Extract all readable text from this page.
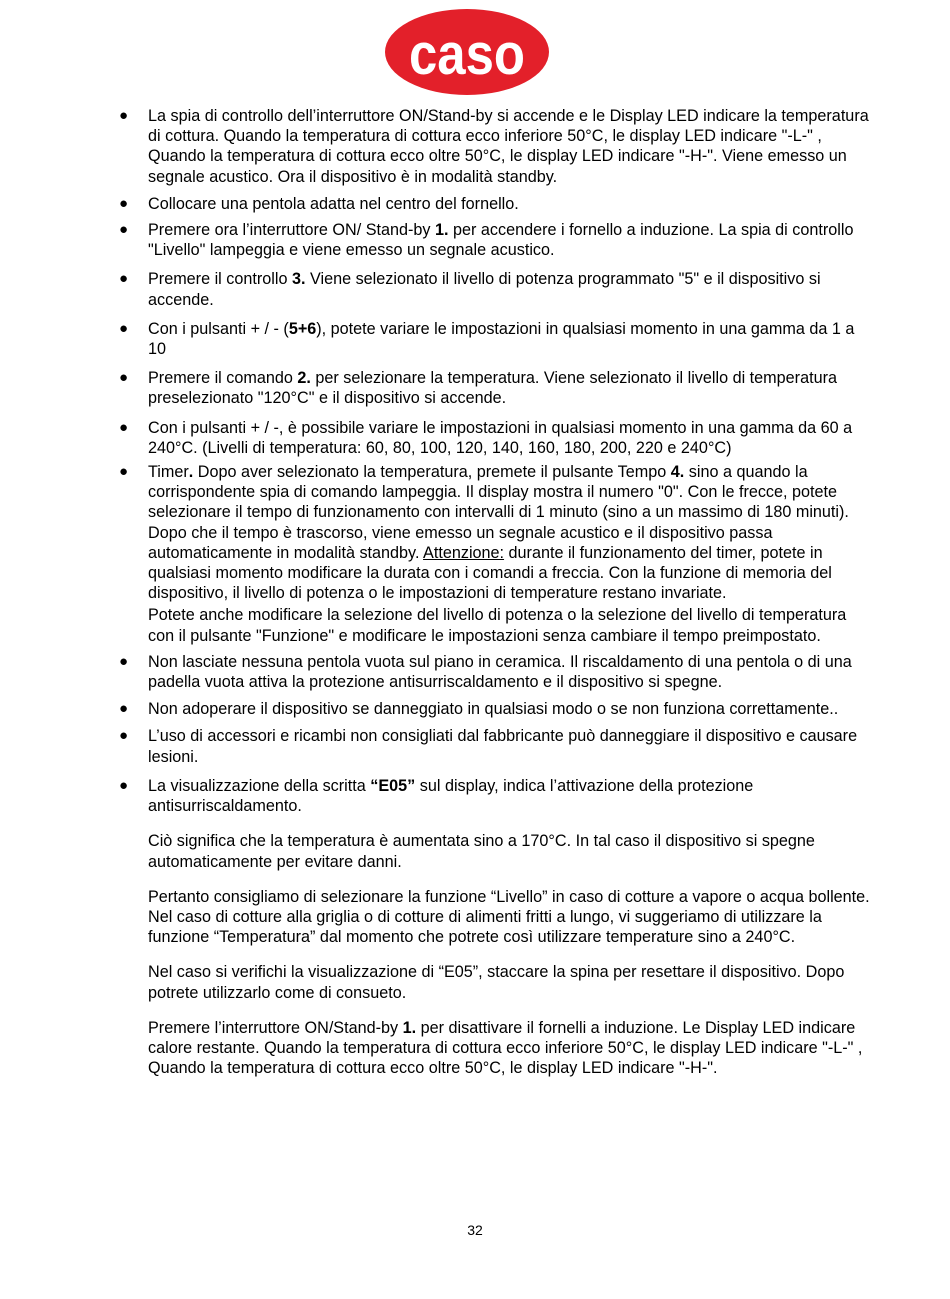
caso

● La spia di controllo dell’interruttore ON/Stand-by si accende e le Display LED indicare la temperatura di cottura. Quando la temperatura di cottura ecco inferiore 50°C, le display LED indicare "-L-" , Quando la temperatura di cottura ecco oltre 50°C, le display LED indicare "-H-". Viene emesso un segnale acustico. Ora il dispositivo è in modalità standby.

● Collocare una pentola adatta nel centro del fornello.

● Premere ora l’interruttore ON/ Stand-by 1. per accendere i fornello a induzione. La spia di controllo "Livello" lampeggia e viene emesso un segnale acustico.

● Premere il controllo 3. Viene selezionato il livello di potenza programmato "5" e il dispositivo si accende.

● Con i pulsanti + / - (5+6), potete variare le impostazioni in qualsiasi momento in una gamma da 1 a 10

● Premere il comando 2. per selezionare la temperatura. Viene selezionato il livello di temperatura preselezionato "120°C" e il dispositivo si accende.

● Con i pulsanti + / -, è possibile variare le impostazioni in qualsiasi momento in una gamma da 60 a 240°C. (Livelli di temperatura: 60, 80, 100, 120, 140, 160, 180, 200, 220 e 240°C)

● Timer. Dopo aver selezionato la temperatura, premete il pulsante Tempo 4. sino a quando la corrispondente spia di comando lampeggia. Il display mostra il numero "0". Con le frecce, potete selezionare il tempo di funzionamento con intervalli di 1 minuto (sino a un massimo di 180 minuti). Dopo che il tempo è trascorso, viene emesso un segnale acustico e il dispositivo passa automaticamente in modalità standby. Attenzione: durante il funzionamento del timer, potete in qualsiasi momento modificare la durata con i comandi a freccia. Con la funzione di memoria del dispositivo, il livello di potenza o le impostazioni di temperature restano invariate.

Potete anche modificare la selezione del livello di potenza o la selezione del livello di temperatura con il pulsante "Funzione" e modificare le impostazioni senza cambiare il tempo preimpostato.

● Non lasciate nessuna pentola vuota sul piano in ceramica. Il riscaldamento di una pentola o di una padella vuota attiva la protezione antisurriscaldamento e il dispositivo si spegne.

● Non adoperare il dispositivo se danneggiato in qualsiasi modo o se non funziona correttamente..

● L’uso di accessori e ricambi non consigliati dal fabbricante può danneggiare il dispositivo e causare lesioni.

● La visualizzazione della scritta “E05” sul display, indica l’attivazione della protezione antisurriscaldamento.

Ciò significa che la temperatura è aumentata sino a 170°C. In tal caso il dispositivo si spegne automaticamente per evitare danni.

Pertanto consigliamo di selezionare la funzione “Livello” in caso di cotture a vapore o acqua bollente. Nel caso di cotture alla griglia o di cotture di alimenti fritti a lungo, vi suggeriamo di utilizzare la funzione “Temperatura” dal momento che potrete così utilizzare temperature sino a 240°C.

Nel caso si verifichi la visualizzazione di “E05”, staccare la spina per resettare il dispositivo. Dopo potrete utilizzarlo come di consueto.

Premere l’interruttore ON/Stand-by 1. per disattivare il fornelli a induzione. Le Display LED indicare calore restante. Quando la temperatura di cottura ecco inferiore 50°C, le display LED indicare "-L-" , Quando la temperatura di cottura ecco oltre 50°C, le display LED indicare "-H-".

32
